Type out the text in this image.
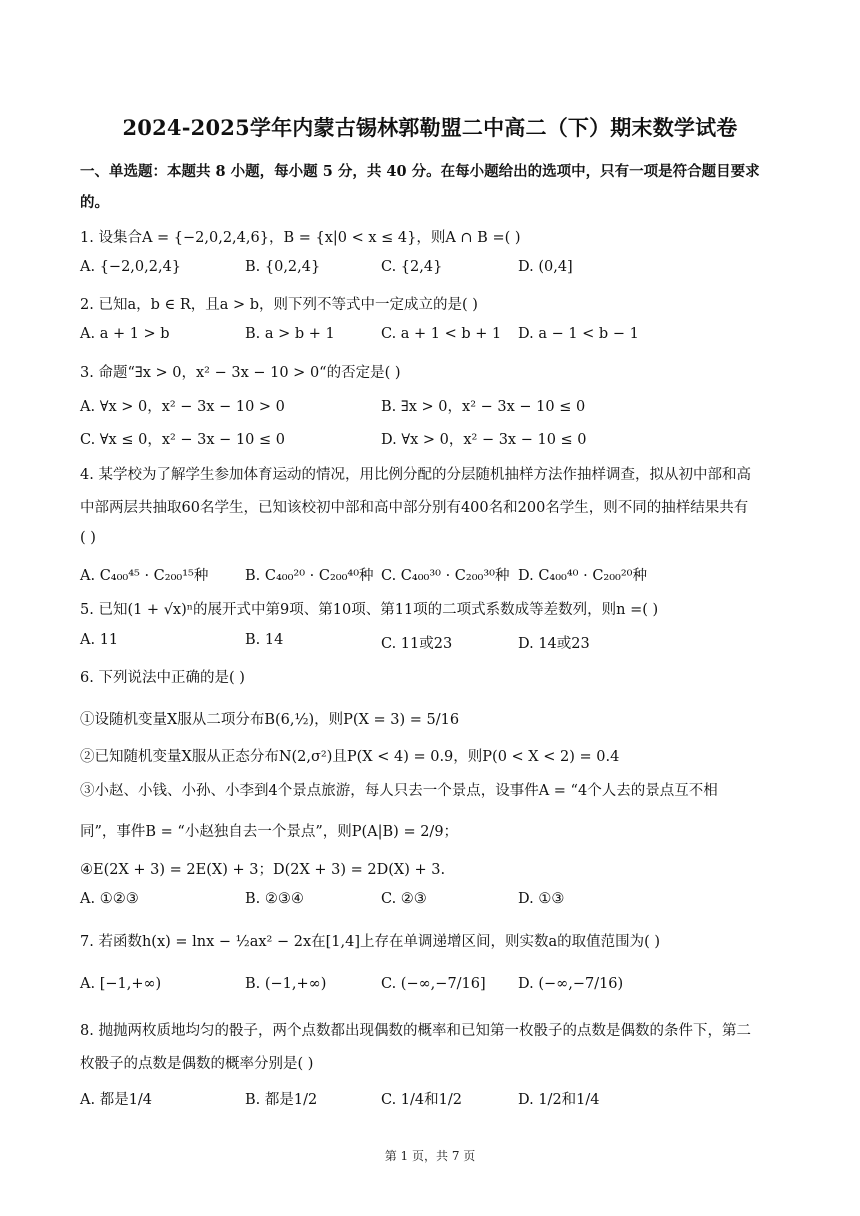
2024-2025学年内蒙古锡林郭勒盟二中高二（下）期末数学试卷
一、单选题：本题共 8 小题，每小题 5 分，共 40 分。在每小题给出的选项中，只有一项是符合题目要求
的。
1. 设集合A = {−2,0,2,4,6}，B = {x|0 < x ≤ 4}，则A ∩ B =( )
A. {−2,0,2,4}	B. {0,2,4}	C. {2,4}	D. (0,4]
2. 已知a，b ∈ R，且a > b，则下列不等式中一定成立的是( )
A. a + 1 > b	B. a > b + 1	C. a + 1 < b + 1 D. a − 1 < b − 1
3. 命题“∃x > 0，x² − 3x − 10 > 0“的否定是( )
A. ∀x > 0，x² − 3x − 10 > 0	B. ∃x > 0，x² − 3x − 10 ≤ 0
C. ∀x ≤ 0，x² − 3x − 10 ≤ 0	D. ∀x > 0，x² − 3x − 10 ≤ 0
4. 某学校为了解学生参加体育运动的情况，用比例分配的分层随机抽样方法作抽样调查，拟从初中部和高
中部两层共抽取60名学生，已知该校初中部和高中部分别有400名和200名学生，则不同的抽样结果共有
( )
A. C₄₀₀⁴⁵ · C₂₀₀¹⁵种	B. C₄₀₀²⁰ · C₂₀₀⁴⁰种 C. C₄₀₀³⁰ · C₂₀₀³⁰种 D. C₄₀₀⁴⁰ · C₂₀₀²⁰种
5. 已知(1 + √x)ⁿ的展开式中第9项、第10项、第11项的二项式系数成等差数列，则n =( )
A. 11	B. 14	C. 11或23	D. 14或23
6. 下列说法中正确的是( )
①设随机变量X服从二项分布B(6,½)，则P(X = 3) = 5/16
②已知随机变量X服从正态分布N(2,σ²)且P(X < 4) = 0.9，则P(0 < X < 2) = 0.4
③小赵、小钱、小孙、小李到4个景点旅游，每人只去一个景点，设事件A = “4个人去的景点互不相
同”，事件B = “小赵独自去一个景点”，则P(A|B) = 2/9；
④E(2X + 3) = 2E(X) + 3；D(2X + 3) = 2D(X) + 3.
A. ①②③	B. ②③④	C. ②③	D. ①③
7. 若函数h(x) = lnx − ½ax² − 2x在[1,4]上存在单调递增区间，则实数a的取值范围为( )
A. [−1,+∞)	B. (−1,+∞)	C. (−∞,−7/16] D. (−∞,−7/16)
8. 抛抛两枚质地均匀的骰子，两个点数都出现偶数的概率和已知第一枚骰子的点数是偶数的条件下，第二
枚骰子的点数是偶数的概率分别是( )
A. 都是1/4	B. 都是1/2	C. 1/4和1/2	D. 1/2和1/4
第 1 页，共 7 页
